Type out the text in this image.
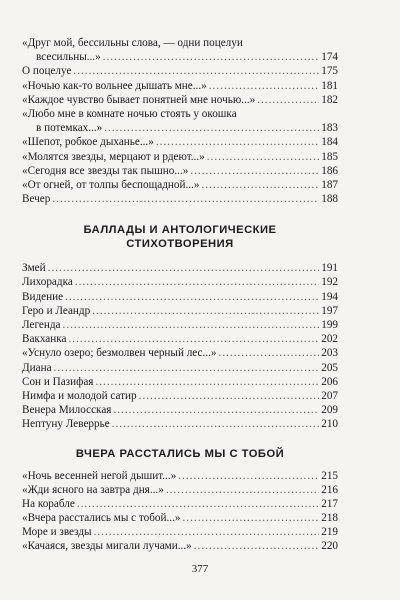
«Друг мой, бессильны слова, — одни поцелуи
всесильны...» .....	174
О поцелуе .....	175
«Ночью как-то вольнее дышать мне...» .....	181
«Каждое чувство бывает понятней мне ночью...» .....	182
«Любо мне в комнате ночью стоять у окошка
в потемках...» .....	183
«Шепот, робкое дыханье...» .....	184
«Молятся звезды, мерцают и рдеют...» .....	185
«Сегодня все звезды так пышно...» .....	186
«От огней, от толпы беспощадной...» .....	187
Вечер .....	188
БАЛЛАДЫ И АНТОЛОГИЧЕСКИЕ
СТИХОТВОРЕНИЯ
Змей .....	191
Лихорадка .....	192
Видение .....	194
Геро и Леандр .....	197
Легенда .....	199
Вакханка .....	202
«Уснуло озеро; безмолвен черный лес...» .....	203
Диана .....	205
Сон и Пазифая .....	206
Нимфа и молодой сатир .....	207
Венера Милосская .....	209
Нептуну Леверрье .....	210
ВЧЕРА РАССТАЛИСЬ МЫ С ТОБОЙ
«Ночь весенней негой дышит...» .....	215
«Жди ясного на завтра дня...» .....	216
На корабле .....	217
«Вчера расстались мы с тобой...» .....	218
Море и звезды .....	219
«Качаяся, звезды мигали лучами...» .....	220
377
